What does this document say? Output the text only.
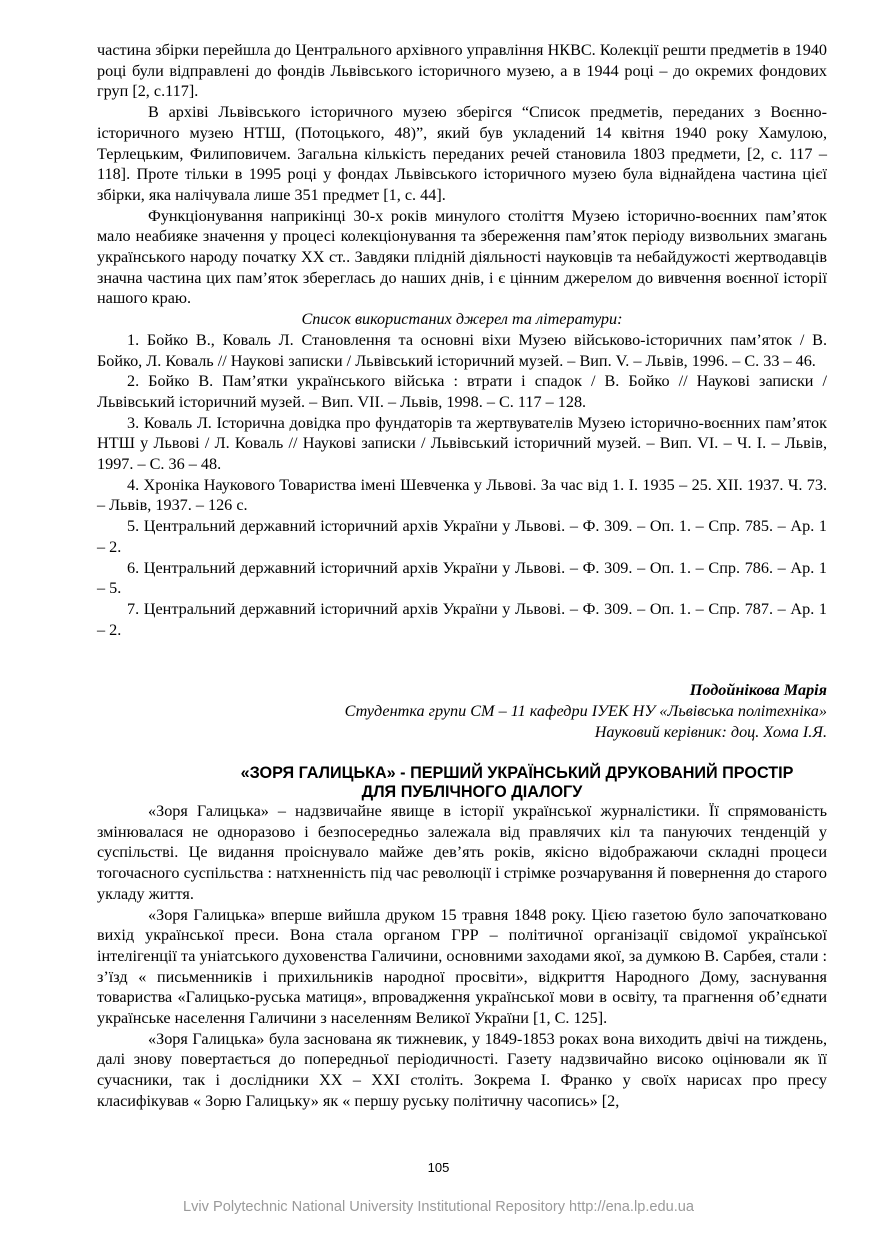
частина збірки перейшла до Центрального архівного управління НКВС. Колекції решти предметів в 1940 році були відправлені до фондів Львівського історичного музею, а в 1944 році – до окремих фондових груп [2, с.117].

В архіві Львівського історичного музею зберігся “Список предметів, переданих з Воєнно-історичного музею НТШ, (Потоцького, 48)”, який був укладений 14 квітня 1940 року Хамулою, Терлецьким, Филиповичем. Загальна кількість переданих речей становила 1803 предмети, [2, с. 117 – 118]. Проте тільки в 1995 році у фондах Львівського історичного музею була віднайдена частина цієї збірки, яка налічувала лише 351 предмет [1, с. 44].

Функціонування наприкінці 30-х років минулого століття Музею історично-воєнних пам’яток мало неабияке значення у процесі колекціонування та збереження пам’яток періоду визвольних змагань українського народу початку ХХ ст.. Завдяки плідній діяльності науковців та небайдужості жертводавців значна частина цих пам’яток збереглась до наших днів, і є цінним джерелом до вивчення воєнної історії нашого краю.

Список використаних джерел та літератури:

1. Бойко В., Коваль Л. Становлення та основні віхи Музею військово-історичних пам’яток / В. Бойко, Л. Коваль // Наукові записки / Львівський історичний музей. – Вип. V. – Львів, 1996. – С. 33 – 46.

2. Бойко В. Пам’ятки українського війська : втрати і спадок / В. Бойко // Наукові записки / Львівський історичний музей. – Вип. VII. – Львів, 1998. – С. 117 – 128.

3. Коваль Л. Історична довідка про фундаторів та жертвувателів Музею історично-воєнних пам’яток НТШ у Львові / Л. Коваль // Наукові записки / Львівський історичний музей. – Вип. VI. – Ч. І. – Львів, 1997. – С. 36 – 48.

4. Хроніка Наукового Товариства імені Шевченка у Львові. За час від 1. І. 1935 – 25. XII. 1937. Ч. 73. – Львів, 1937. – 126 с.

5. Центральний державний історичний архів України у Львові. – Ф. 309. – Оп. 1. – Спр. 785. – Ар. 1 – 2.

6. Центральний державний історичний архів України у Львові. – Ф. 309. – Оп. 1. – Спр. 786. – Ар. 1 – 5.

7. Центральний державний історичний архів України у Львові. – Ф. 309. – Оп. 1. – Спр. 787. – Ар. 1 – 2.

Подойнікова Марія
Студентка групи СМ – 11 кафедри ІУЕК НУ «Львівська політехніка»
Науковий керівник: доц. Хома І.Я.
«ЗОРЯ ГАЛИЦЬКА» - ПЕРШИЙ УКРАЇНСЬКИЙ ДРУКОВАНИЙ ПРОСТІР
ДЛЯ ПУБЛІЧНОГО ДІАЛОГУ

«Зоря Галицька» – надзвичайне явище в історії української журналістики. Її спрямованість змінювалася не одноразово і безпосередньо залежала від правлячих кіл та пануючих тенденцій у суспільстві. Це видання проіснувало майже дев’ять років, якісно відображаючи складні процеси тогочасного суспільства : натхненність під час революції і стрімке розчарування й повернення до старого укладу життя.

«Зоря Галицька» вперше вийшла друком 15 травня 1848 року. Цією газетою було започатковано вихід української преси. Вона стала органом ГРР – політичної організації свідомої української інтелігенції та уніатського духовенства Галичини, основними заходами якої, за думкою В. Сарбея, стали : з’їзд « письменників і прихильників народної просвіти», відкриття Народного Дому, заснування товариства «Галицько-руська матиця», впровадження української мови в освіту, та прагнення об’єднати українське населення Галичини з населенням Великої України [1, С. 125].

«Зоря Галицька» була заснована як тижневик, у 1849-1853 роках вона виходить двічі на тиждень, далі знову повертається до попередньої періодичності. Газету надзвичайно високо оцінювали як її сучасники, так і дослідники ХХ – ХХІ століть. Зокрема І. Франко у своїх нарисах про пресу класифікував « Зорю Галицьку» як « першу руську політичну часопись» [2,

105
Lviv Polytechnic National University Institutional Repository http://ena.lp.edu.ua
